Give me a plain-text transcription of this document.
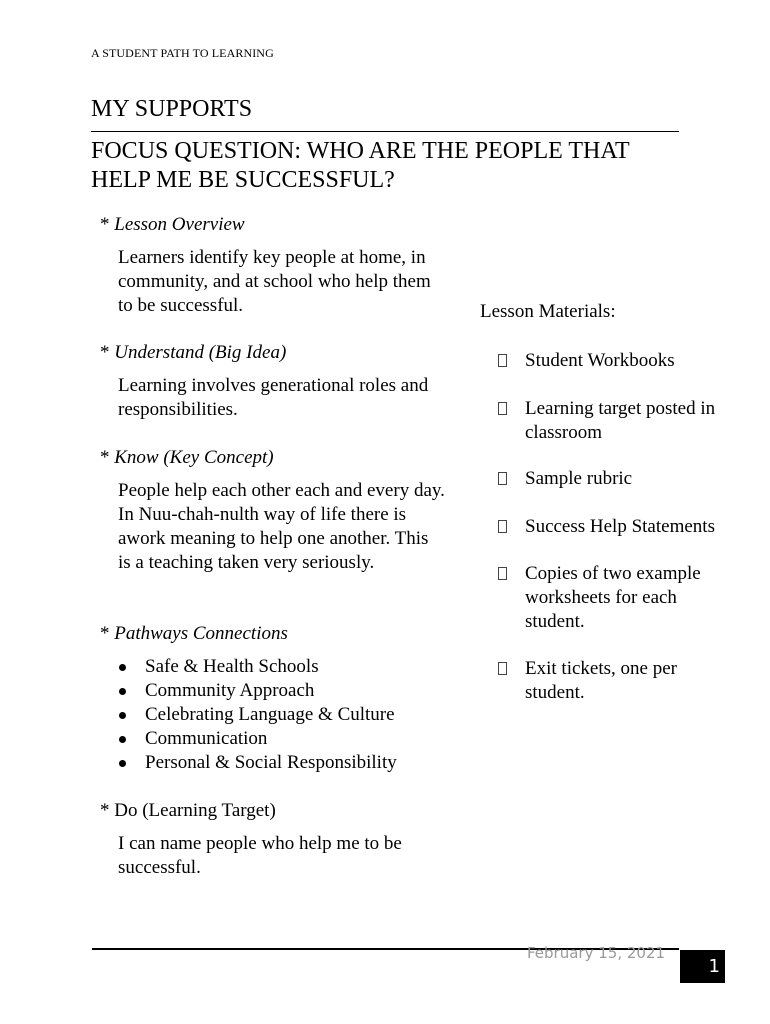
A STUDENT PATH TO LEARNING
MY SUPPORTS
FOCUS QUESTION: WHO ARE THE PEOPLE THAT HELP ME BE SUCCESSFUL?
* Lesson Overview
Learners identify key people at home, in community, and at school who help them to be successful.
* Understand (Big Idea)
Learning involves generational roles and responsibilities.
* Know (Key Concept)
People help each other each and every day. In Nuu-chah-nulth way of life there is awork meaning to help one another. This is a teaching taken very seriously.
* Pathways Connections
Safe & Health Schools
Community Approach
Celebrating Language & Culture
Communication
Personal & Social Responsibility
* Do (Learning Target)
I can name people who help me to be successful.
Lesson Materials:
Student Workbooks
Learning target posted in classroom
Sample rubric
Success Help Statements
Copies of two example worksheets for each student.
Exit tickets, one per student.
February 15, 2021
1
